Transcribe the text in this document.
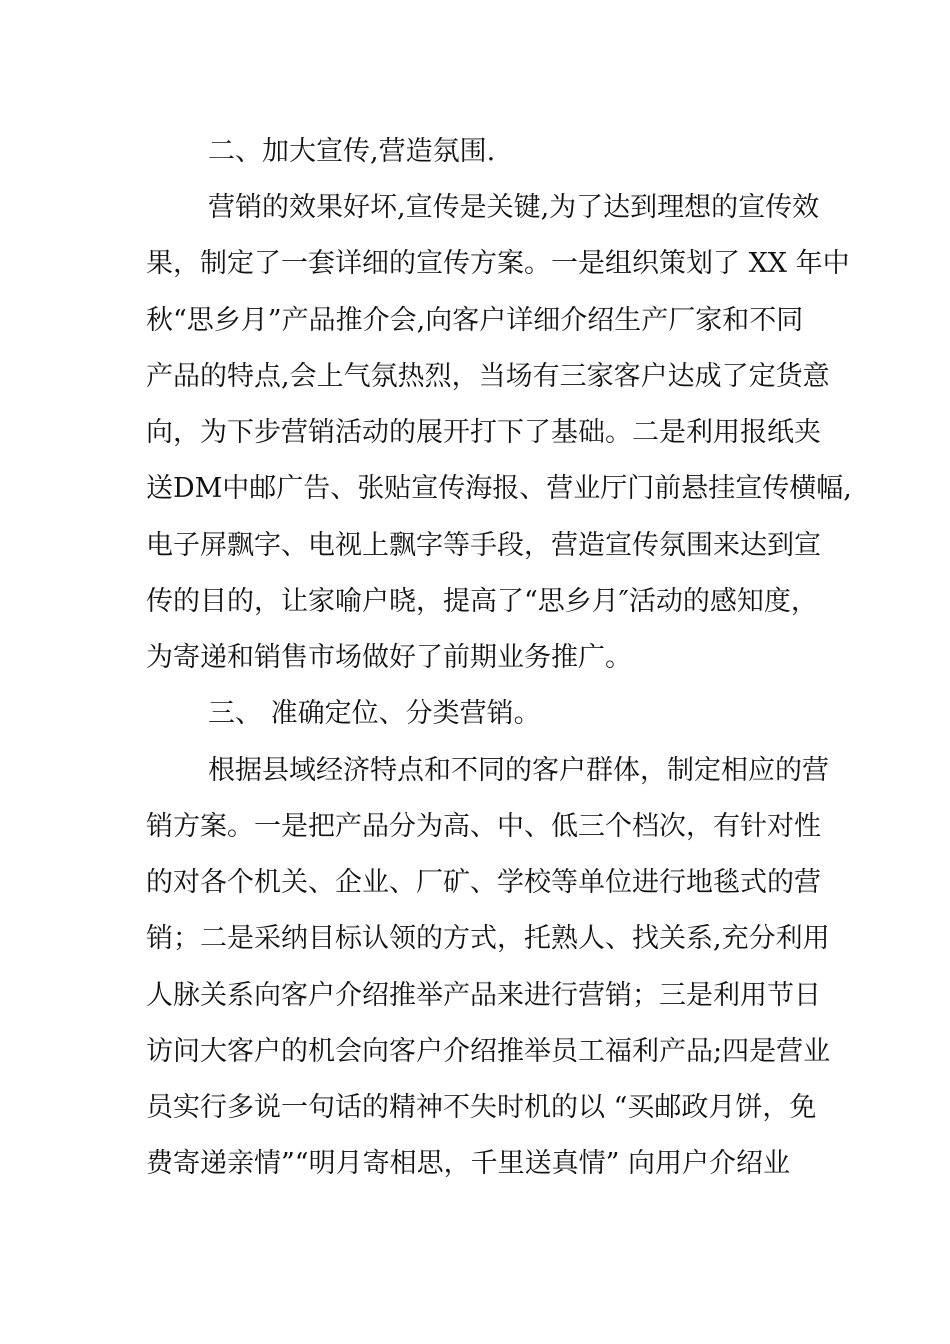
二、加大宣传,营造氛围.
营销的效果好坏,宣传是关键,为了达到理想的宣传效
果，制定了一套详细的宣传方案。一是组织策划了 XX 年中
秋“思乡月”产品推介会,向客户详细介绍生产厂家和不同
产品的特点,会上气氛热烈，当场有三家客户达成了定货意
向，为下步营销活动的展开打下了基础。二是利用报纸夹
送DM中邮广告、张贴宣传海报、营业厅门前悬挂宣传横幅,
电子屏飘字、电视上飘字等手段，营造宣传氛围来达到宣
传的目的，让家喻户晓，提高了“思乡月″活动的感知度，
为寄递和销售市场做好了前期业务推广。
三、 准确定位、分类营销。
根据县域经济特点和不同的客户群体，制定相应的营
销方案。一是把产品分为高、中、低三个档次，有针对性
的对各个机关、企业、厂矿、学校等单位进行地毯式的营
销；二是采纳目标认领的方式，托熟人、找关系,充分利用
人脉关系向客户介绍推举产品来进行营销；三是利用节日
访问大客户的机会向客户介绍推举员工福利产品;四是营业
员实行多说一句话的精神不失时机的以 “买邮政月饼，免
费寄递亲情”“明月寄相思，千里送真情” 向用户介绍业
